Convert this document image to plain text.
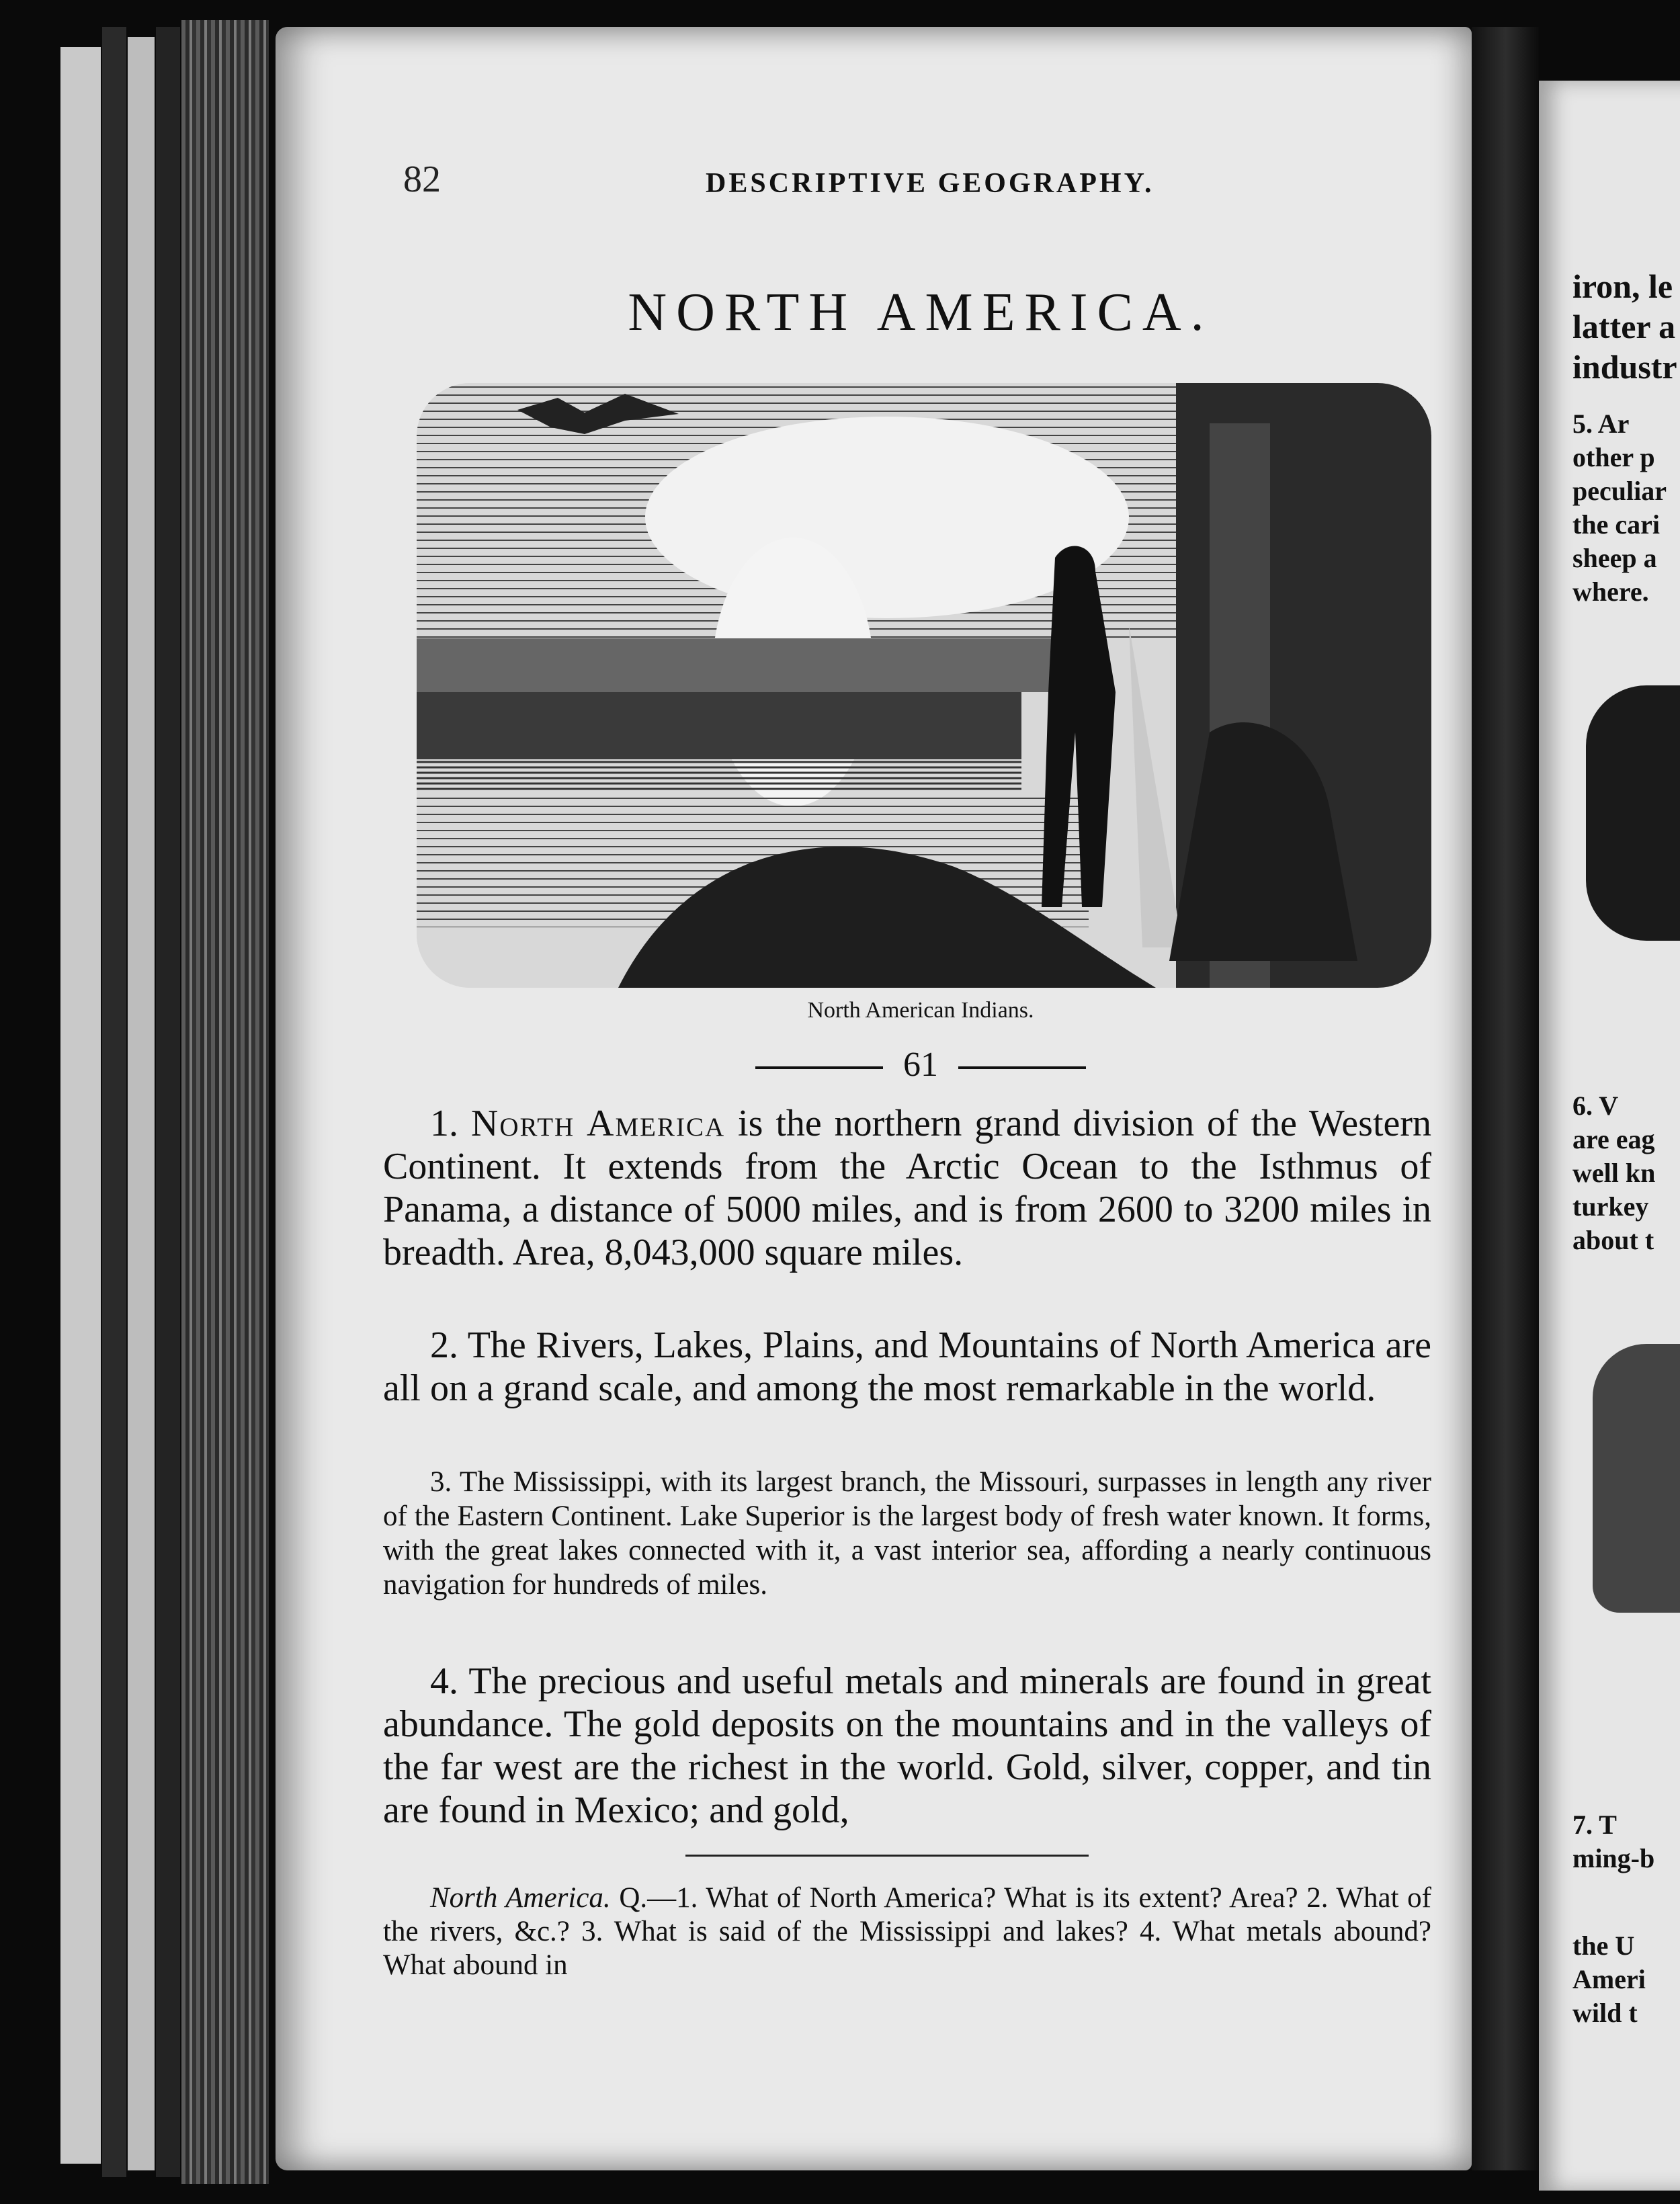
82	DESCRIPTIVE GEOGRAPHY.
NORTH AMERICA.
North American Indians.
61
1. North America is the northern grand division of the Western Continent. It extends from the Arctic Ocean to the Isthmus of Panama, a distance of 5000 miles, and is from 2600 to 3200 miles in breadth. Area, 8,043,000 square miles.
2. The Rivers, Lakes, Plains, and Mountains of North America are all on a grand scale, and among the most remarkable in the world.
3. The Mississippi, with its largest branch, the Missouri, surpasses in length any river of the Eastern Continent. Lake Superior is the largest body of fresh water known. It forms, with the great lakes connected with it, a vast interior sea, affording a nearly continuous navigation for hundreds of miles.
4. The precious and useful metals and minerals are found in great abundance. The gold deposits on the mountains and in the valleys of the far west are the richest in the world. Gold, silver, copper, and tin are found in Mexico; and gold,
North America. Q.—1. What of North America? What is its extent? Area? 2. What of the rivers, &c.? 3. What is said of the Mississippi and lakes? 4. What metals abound? What abound in
iron, le
latter a
industr
5. Ar
other p
peculiar
the cari
sheep a
where.
6. V
are eag
well kn
turkey
about t
7. T
ming-b
the U
Ameri
wild t
